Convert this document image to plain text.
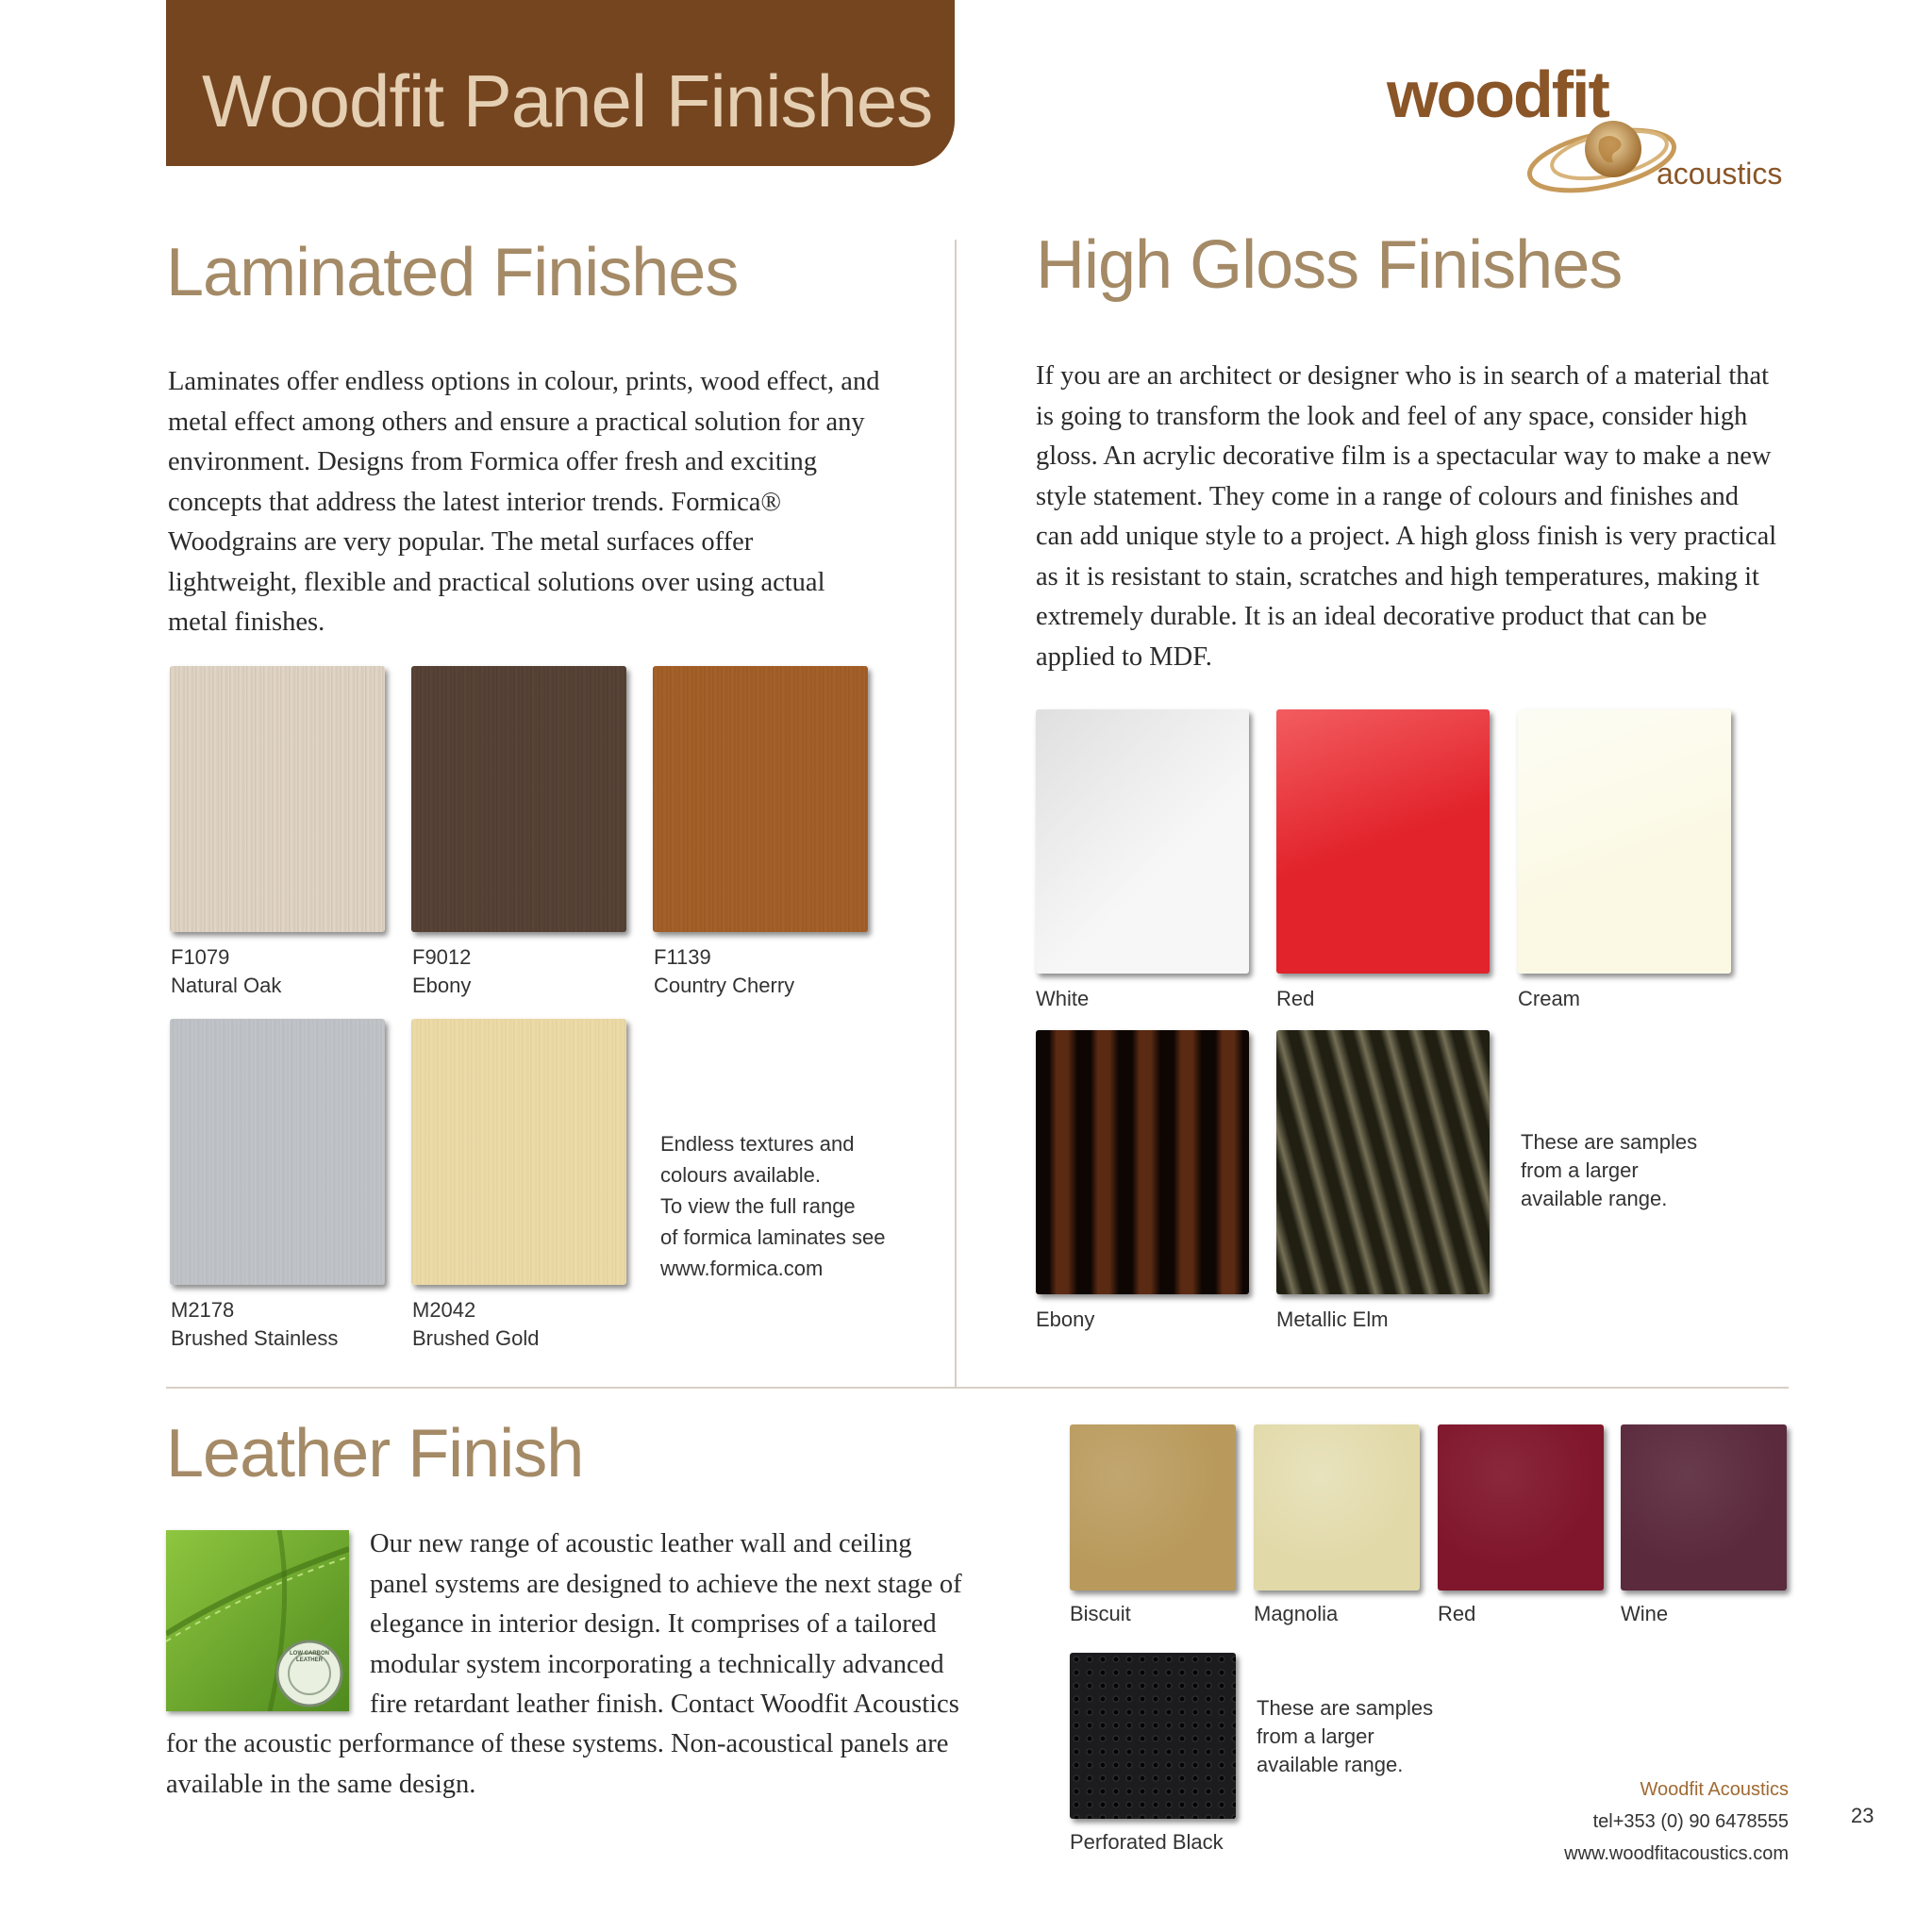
Woodfit Panel Finishes	woodfit
acoustics
Laminated Finishes
Laminates offer endless options in colour, prints, wood effect, and metal effect among others and ensure a practical solution for any environment. Designs from Formica offer fresh and exciting concepts that address the latest interior trends. Formica® Woodgrains are very popular. The metal surfaces offer lightweight, flexible and practical solutions over using actual metal finishes.
F1079
Natural Oak
F9012
Ebony
F1139
Country Cherry
M2178
Brushed Stainless
M2042
Brushed Gold
Endless textures and
colours available.
To view the full range
of formica laminates see
www.formica.com
High Gloss Finishes
If you are an architect or designer who is in search of a material that is going to transform the look and feel of any space, consider high gloss. An acrylic decorative film is a spectacular way to make a new style statement. They come in a range of colours and finishes and can add unique style to a project. A high gloss finish is very practical as it is resistant to stain, scratches and high temperatures, making it extremely durable. It is an ideal decorative product that can be applied to MDF.
White	Red	Cream
Ebony	Metallic Elm
These are samples
from a larger
available range.
Leather Finish
LOW CARBON LEATHER
Our new range of acoustic leather wall and ceiling
panel systems are designed to achieve the next stage of
elegance in interior design. It comprises of a tailored
modular system incorporating a technically advanced
fire retardant leather finish. Contact Woodfit Acoustics
for the acoustic performance of these systems. Non-acoustical panels are
available in the same design.
Biscuit	Magnolia	Red	Wine
Perforated Black
These are samples
from a larger
available range.
Woodfit Acoustics
tel+353 (0) 90 6478555
www.woodfitacoustics.com
23
